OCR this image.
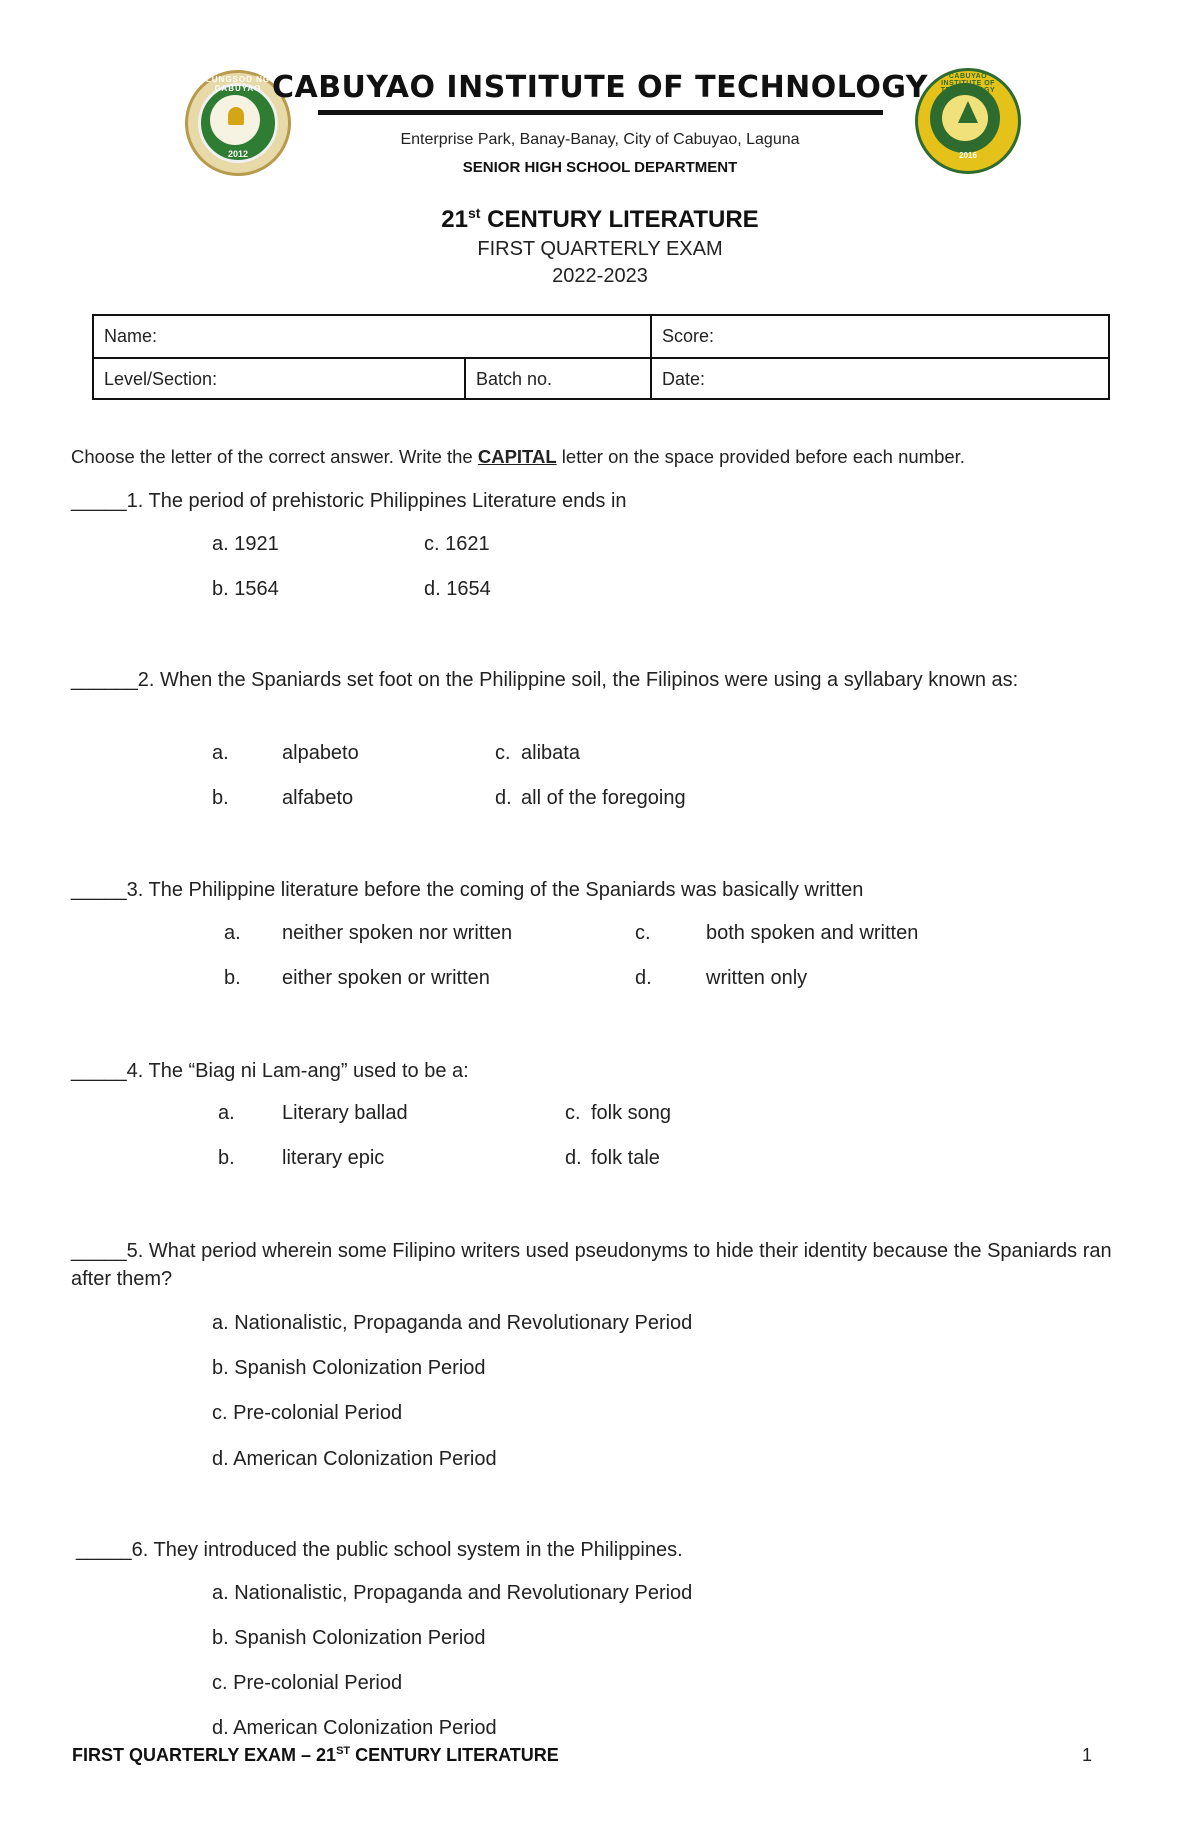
LUNGSOD NG CABUYAO
2012
CABUYAO INSTITUTE OF TECHNOLOGY
2016
CABUYAO INSTITUTE OF TECHNOLOGY
Enterprise Park, Banay-Banay, City of Cabuyao, Laguna
SENIOR HIGH SCHOOL DEPARTMENT
21st CENTURY LITERATURE
FIRST QUARTERLY EXAM
2022-2023
Name:	Score:
Level/Section:	Batch no.	Date:
Choose the letter of the correct answer. Write the CAPITAL letter on the space provided before each number.
_____1. The period of prehistoric Philippines Literature ends in
a. 1921	c. 1621
b. 1564	d. 1654
______2. When the Spaniards set foot on the Philippine soil, the Filipinos were using a syllabary known as:
a.	alpabeto	c. alibata
b.	alfabeto	d. all of the foregoing
_____3. The Philippine literature before the coming of the Spaniards was basically written
a. neither spoken nor written	c.	both spoken and written
b. either spoken or written	d.	written only
_____4. The “Biag ni Lam-ang” used to be a:
a. Literary ballad	c. folk song
b. literary epic	d. folk tale
_____5. What period wherein some Filipino writers used pseudonyms to hide their identity because the Spaniards ran after them?
a. Nationalistic, Propaganda and Revolutionary Period
b. Spanish Colonization Period
c. Pre-colonial Period
d. American Colonization Period
_____6. They introduced the public school system in the Philippines.
a. Nationalistic, Propaganda and Revolutionary Period
b. Spanish Colonization Period
c. Pre-colonial Period
d. American Colonization Period
FIRST QUARTERLY EXAM – 21ST CENTURY LITERATURE	1
